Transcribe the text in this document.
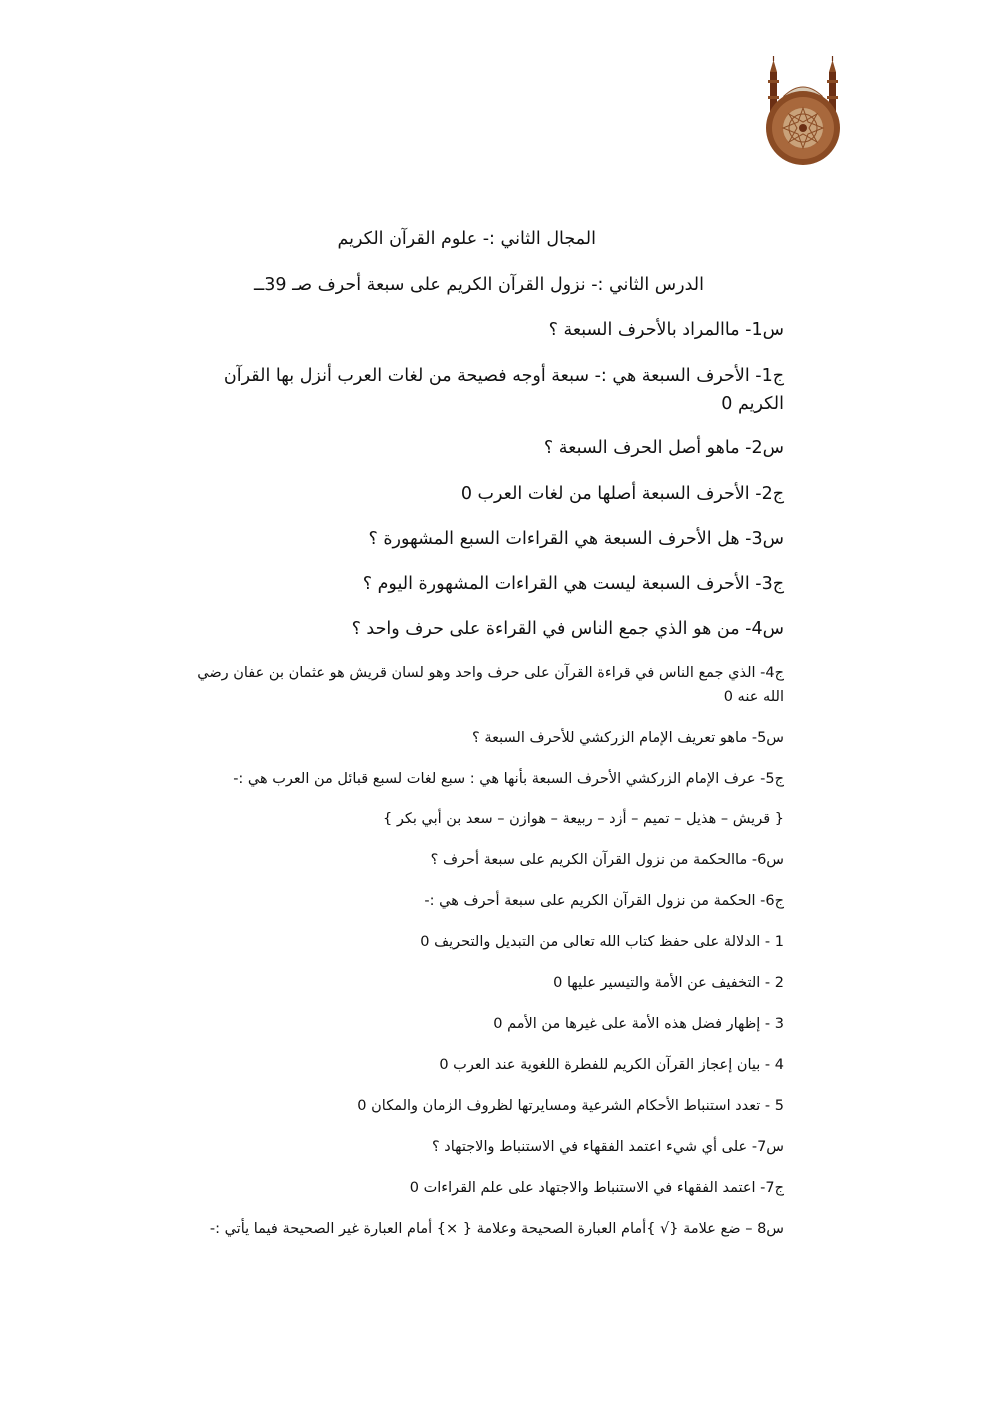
المجال الثاني :- علوم القرآن الكريم
الدرس الثاني :- نزول القرآن الكريم على سبعة أحرف صـ 39ــ
س1- ماالمراد بالأحرف السبعة ؟
ج1- الأحرف السبعة هي :- سبعة أوجه فصيحة من لغات العرب أنزل بها القرآن
الكريم 0
س2- ماهو أصل الحرف السبعة ؟
ج2- الأحرف السبعة أصلها من لغات العرب 0
س3- هل الأحرف السبعة هي القراءات السبع المشهورة ؟
ج3- الأحرف السبعة ليست هي القراءات المشهورة اليوم ؟
س4- من هو الذي جمع الناس في القراءة على حرف واحد ؟
ج4- الذي جمع الناس في قراءة القرآن على حرف واحد وهو لسان قريش هو عثمان بن عفان رضي
الله عنه 0
س5- ماهو تعريف الإمام الزركشي للأحرف السبعة ؟
ج5- عرف الإمام الزركشي الأحرف السبعة بأنها هي : سبع لغات لسبع قبائل من العرب هي :-
{ قريش – هذيل – تميم – أزد – ربيعة – هوازن – سعد بن أبي بكر }
س6- ماالحكمة من نزول القرآن الكريم على سبعة أحرف ؟
ج6- الحكمة من نزول القرآن الكريم على سبعة أحرف هي :-
1 - الدلالة على حفظ كتاب الله تعالى من التبديل والتحريف 0
2 - التخفيف عن الأمة والتيسير عليها 0
3 - إظهار فضل هذه الأمة على غيرها من الأمم 0
4 - بيان إعجاز القرآن الكريم للفطرة اللغوية عند العرب 0
5 - تعدد استنباط الأحكام الشرعية ومسايرتها لظروف الزمان والمكان 0
س7- على أي شيء اعتمد الفقهاء في الاستنباط والاجتهاد ؟
ج7- اعتمد الفقهاء في الاستنباط والاجتهاد على علم القراءات 0
س8 – ضع علامة {√ }أمام العبارة الصحيحة وعلامة { ×} أمام العبارة غير الصحيحة فيما يأتي :-
